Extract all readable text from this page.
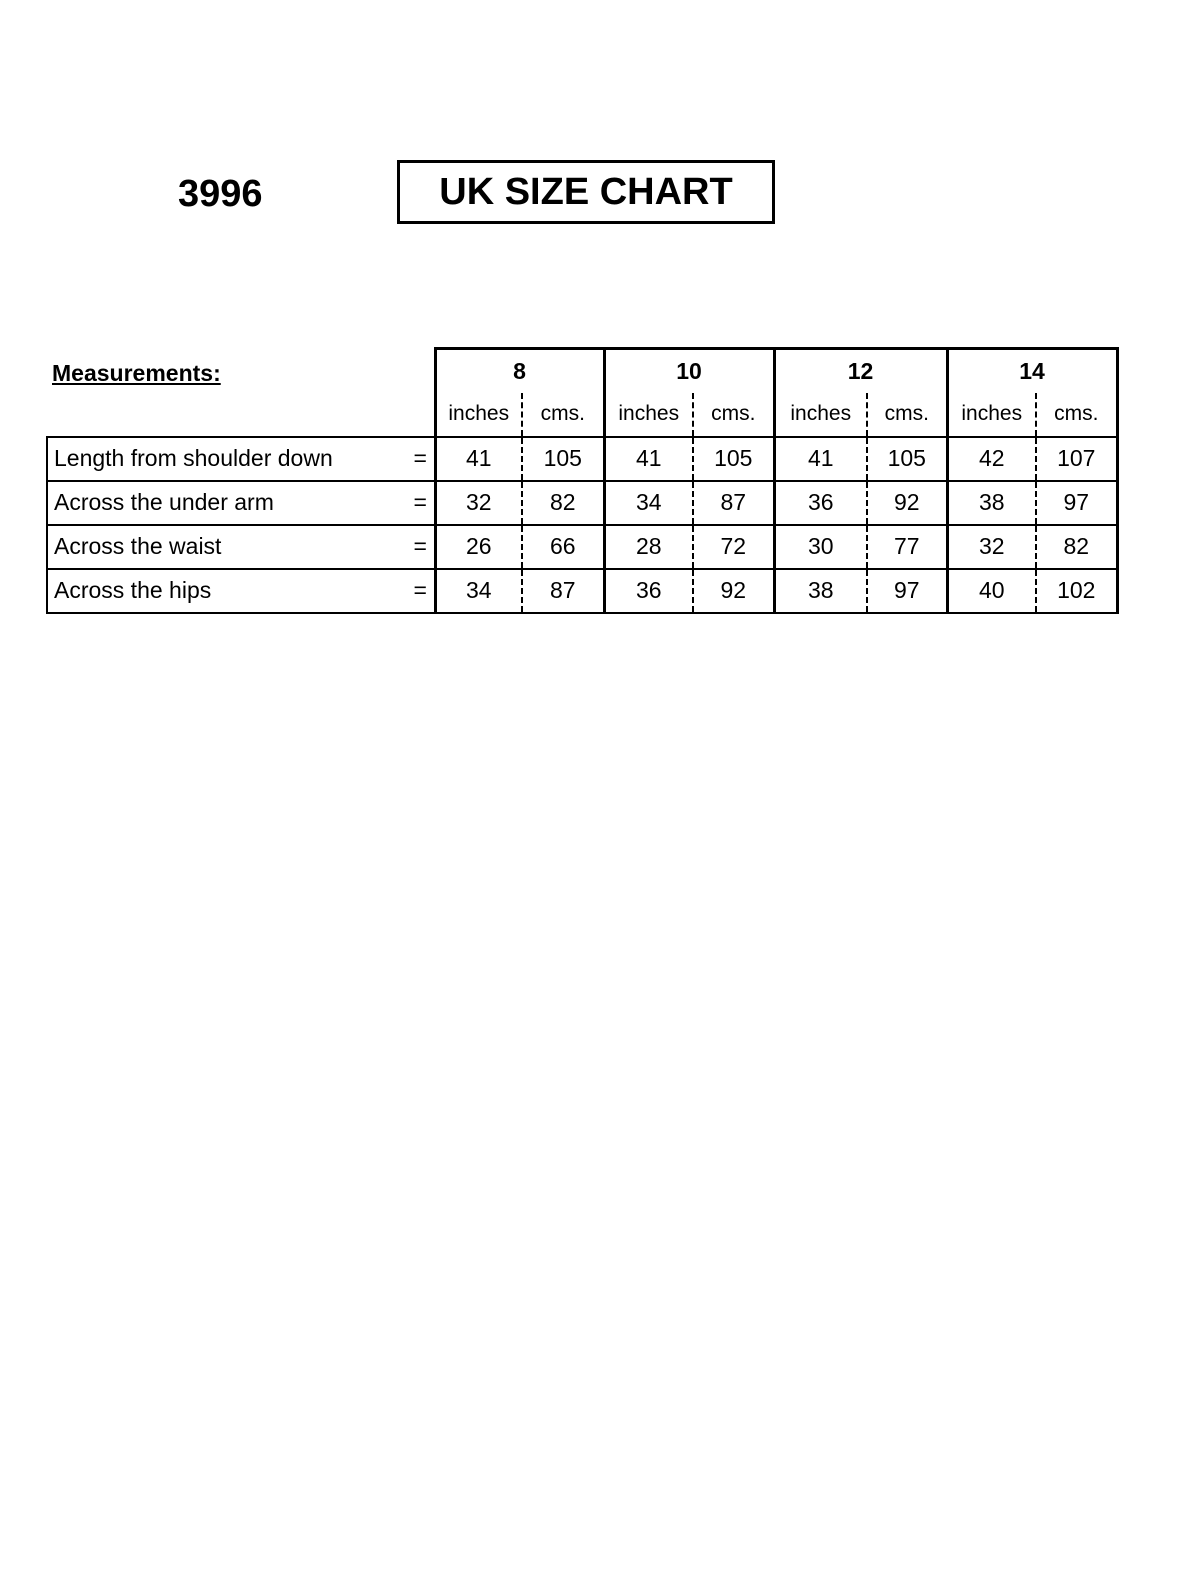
3996	UK SIZE CHART
Measurements:
		8		10		12		14	
		inches	cms.	inches	cms.	inches	cms.	inches	cms.
Length from shoulder down	=	41	105	41	105	41	105	42	107
Across the under arm	=	32	82	34	87	36	92	38	97
Across the waist	=	26	66	28	72	30	77	32	82
Across the hips	=	34	87	36	92	38	97	40	102
